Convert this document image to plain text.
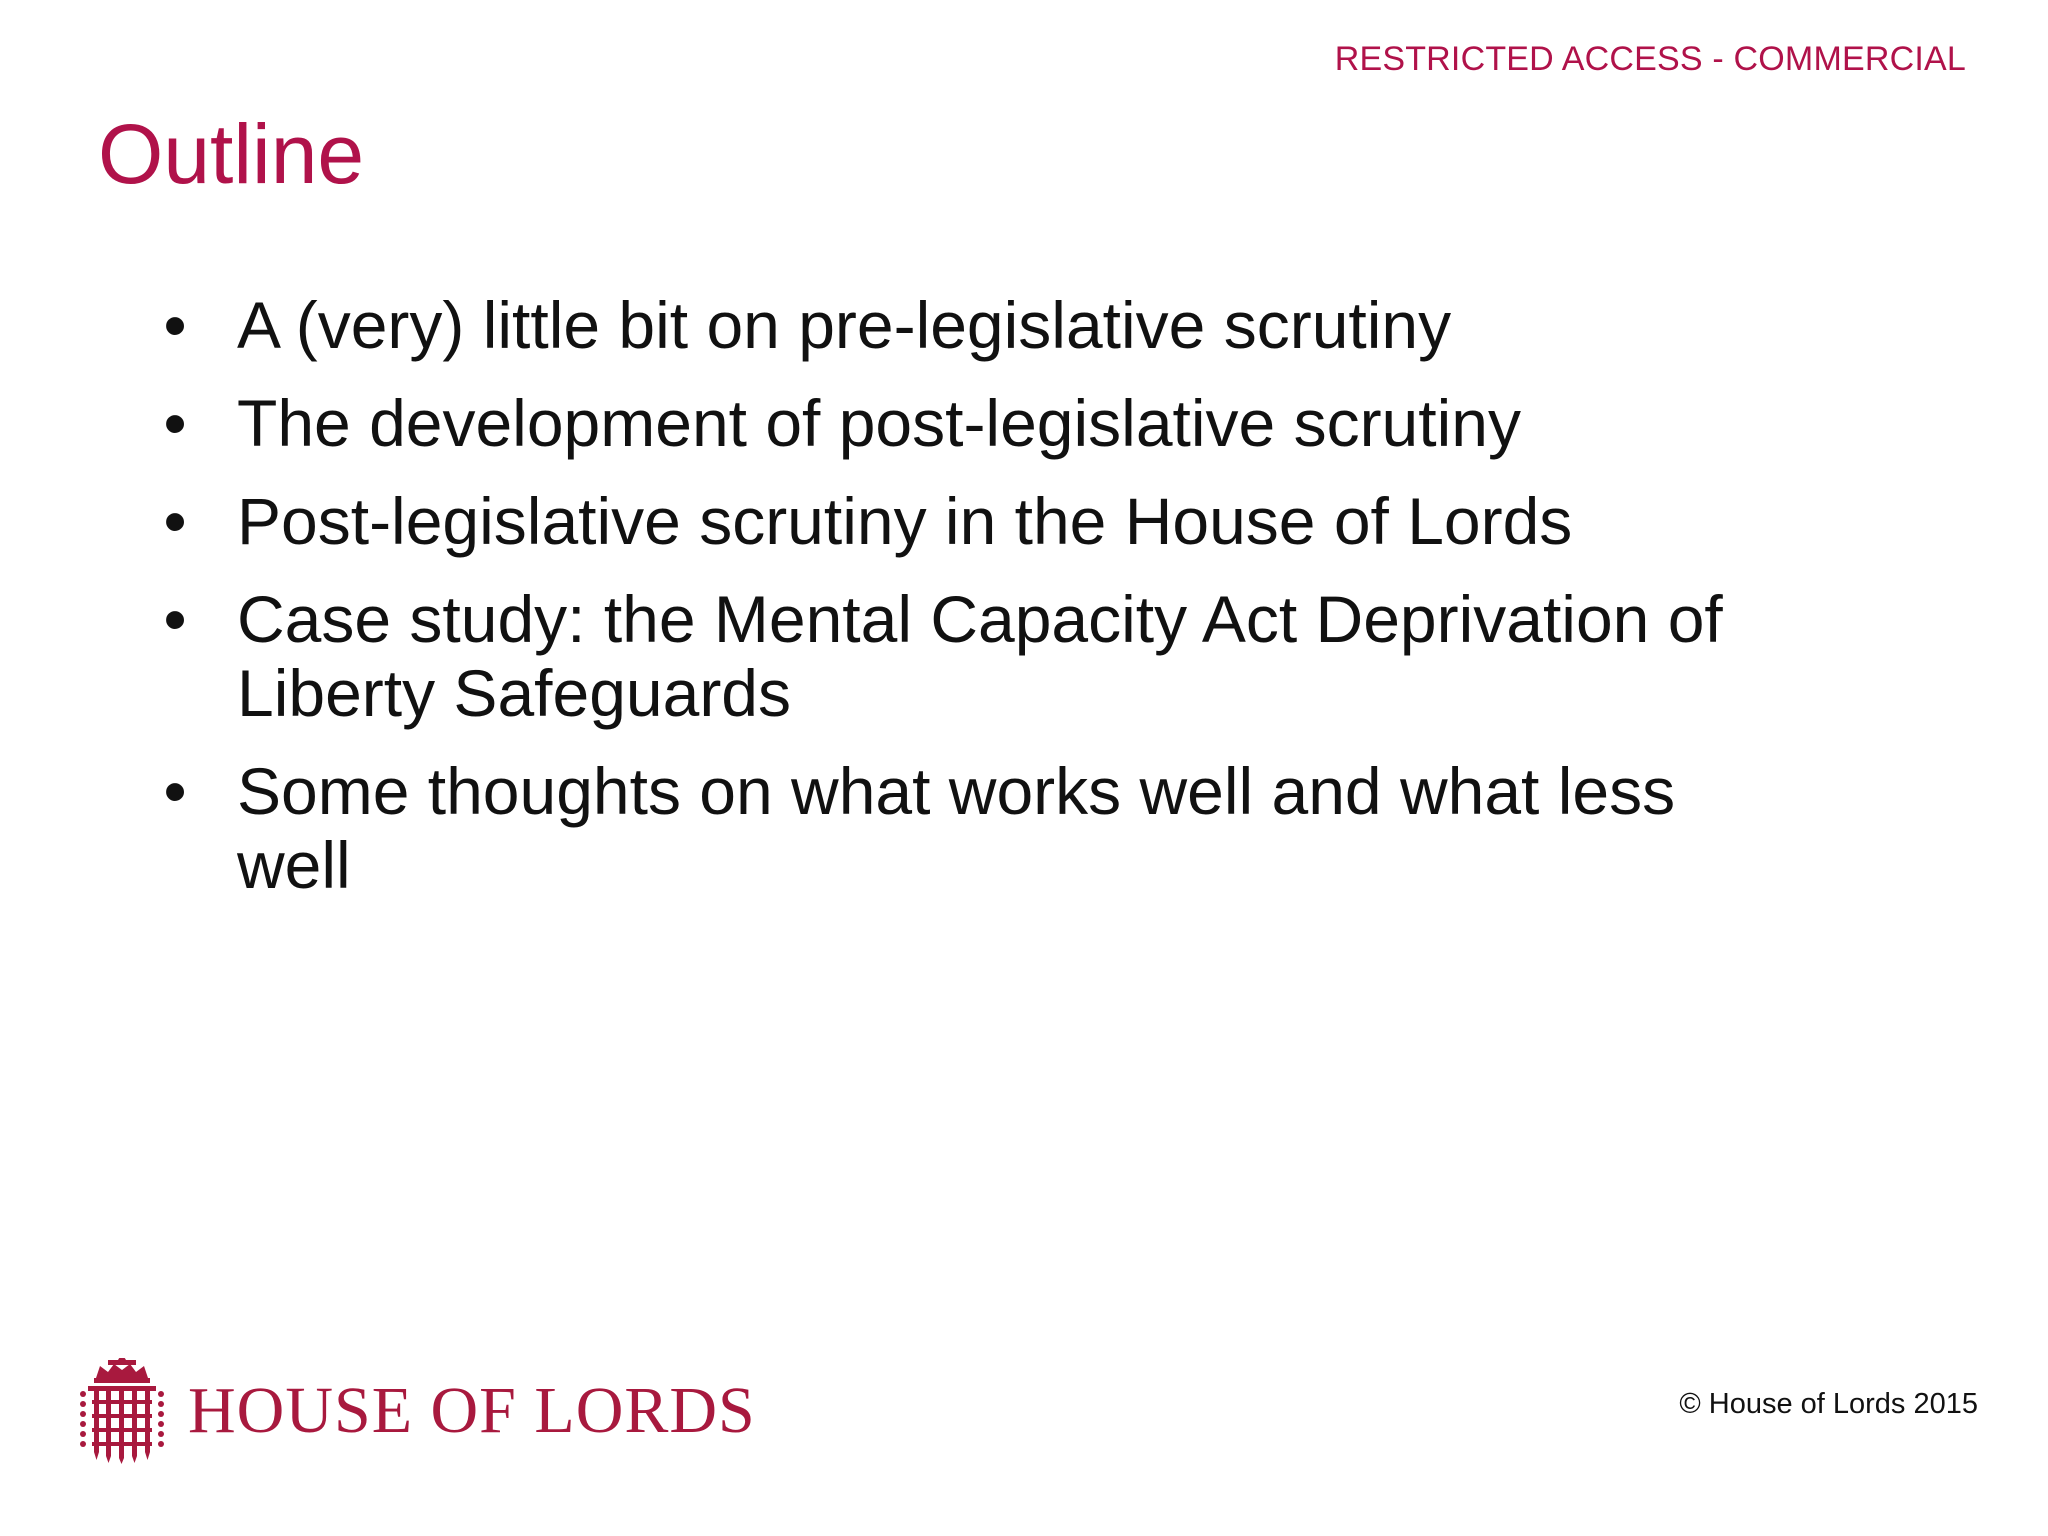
RESTRICTED ACCESS - COMMERCIAL
Outline
• A (very) little bit on pre-legislative scrutiny
• The development of post-legislative scrutiny
• Post-legislative scrutiny in the House of Lords
• Case study: the Mental Capacity Act Deprivation of Liberty Safeguards
• Some thoughts on what works well and what less well
HOUSE OF LORDS	© House of Lords 2015
